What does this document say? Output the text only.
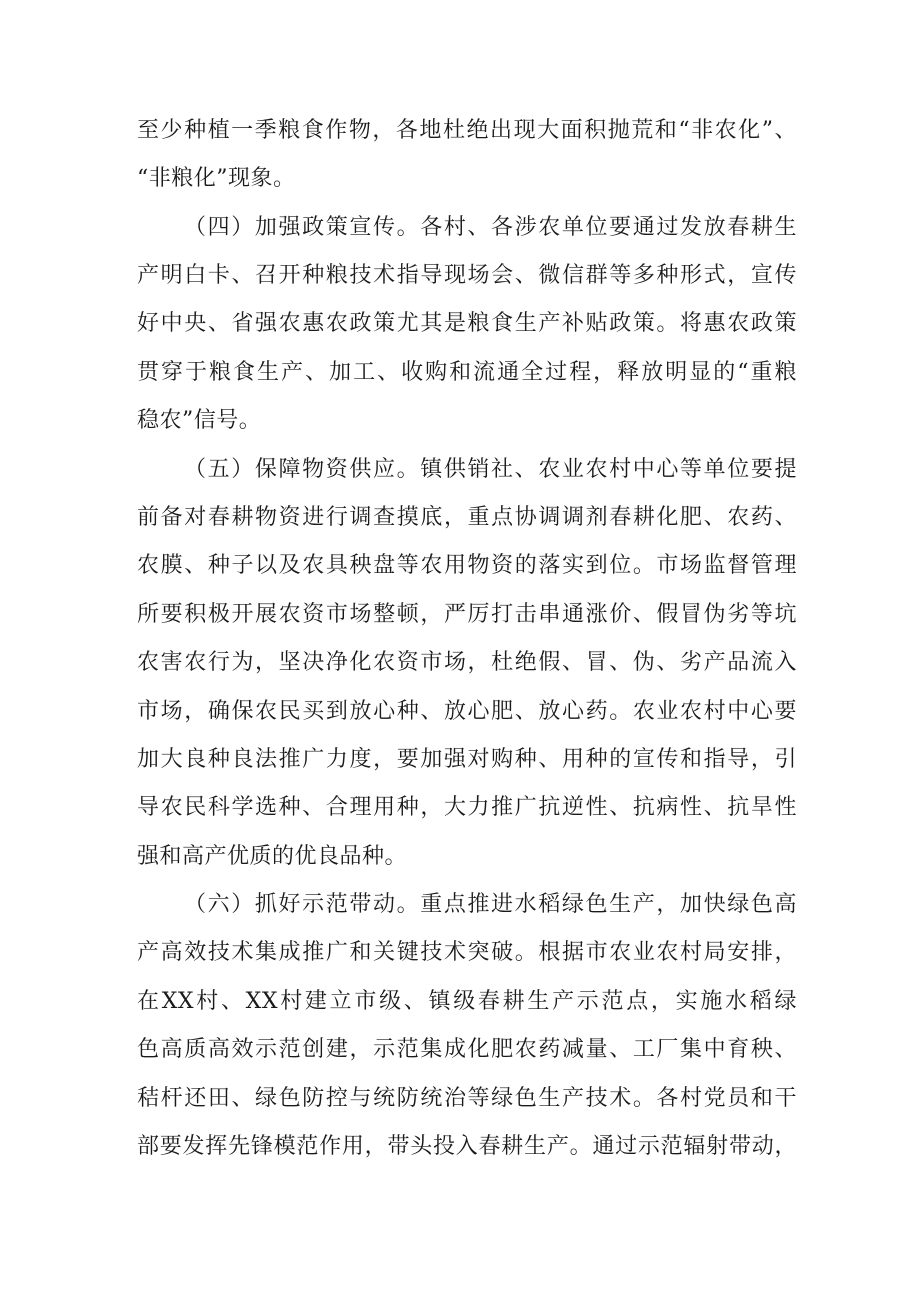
至少种植一季粮食作物，各地杜绝出现大面积抛荒和“非农化”、
“非粮化”现象。
（四）加强政策宣传。各村、各涉农单位要通过发放春耕生
产明白卡、召开种粮技术指导现场会、微信群等多种形式，宣传
好中央、省强农惠农政策尤其是粮食生产补贴政策。将惠农政策
贯穿于粮食生产、加工、收购和流通全过程，释放明显的“重粮
稳农”信号。
（五）保障物资供应。镇供销社、农业农村中心等单位要提
前备对春耕物资进行调查摸底，重点协调调剂春耕化肥、农药、
农膜、种子以及农具秧盘等农用物资的落实到位。市场监督管理
所要积极开展农资市场整顿，严厉打击串通涨价、假冒伪劣等坑
农害农行为，坚决净化农资市场，杜绝假、冒、伪、劣产品流入
市场，确保农民买到放心种、放心肥、放心药。农业农村中心要
加大良种良法推广力度，要加强对购种、用种的宣传和指导，引
导农民科学选种、合理用种，大力推广抗逆性、抗病性、抗旱性
强和高产优质的优良品种。
（六）抓好示范带动。重点推进水稻绿色生产，加快绿色高
产高效技术集成推广和关键技术突破。根据市农业农村局安排，
在XX村、XX村建立市级、镇级春耕生产示范点，实施水稻绿
色高质高效示范创建，示范集成化肥农药减量、工厂集中育秧、
秸杆还田、绿色防控与统防统治等绿色生产技术。各村党员和干
部要发挥先锋模范作用，带头投入春耕生产。通过示范辐射带动，
